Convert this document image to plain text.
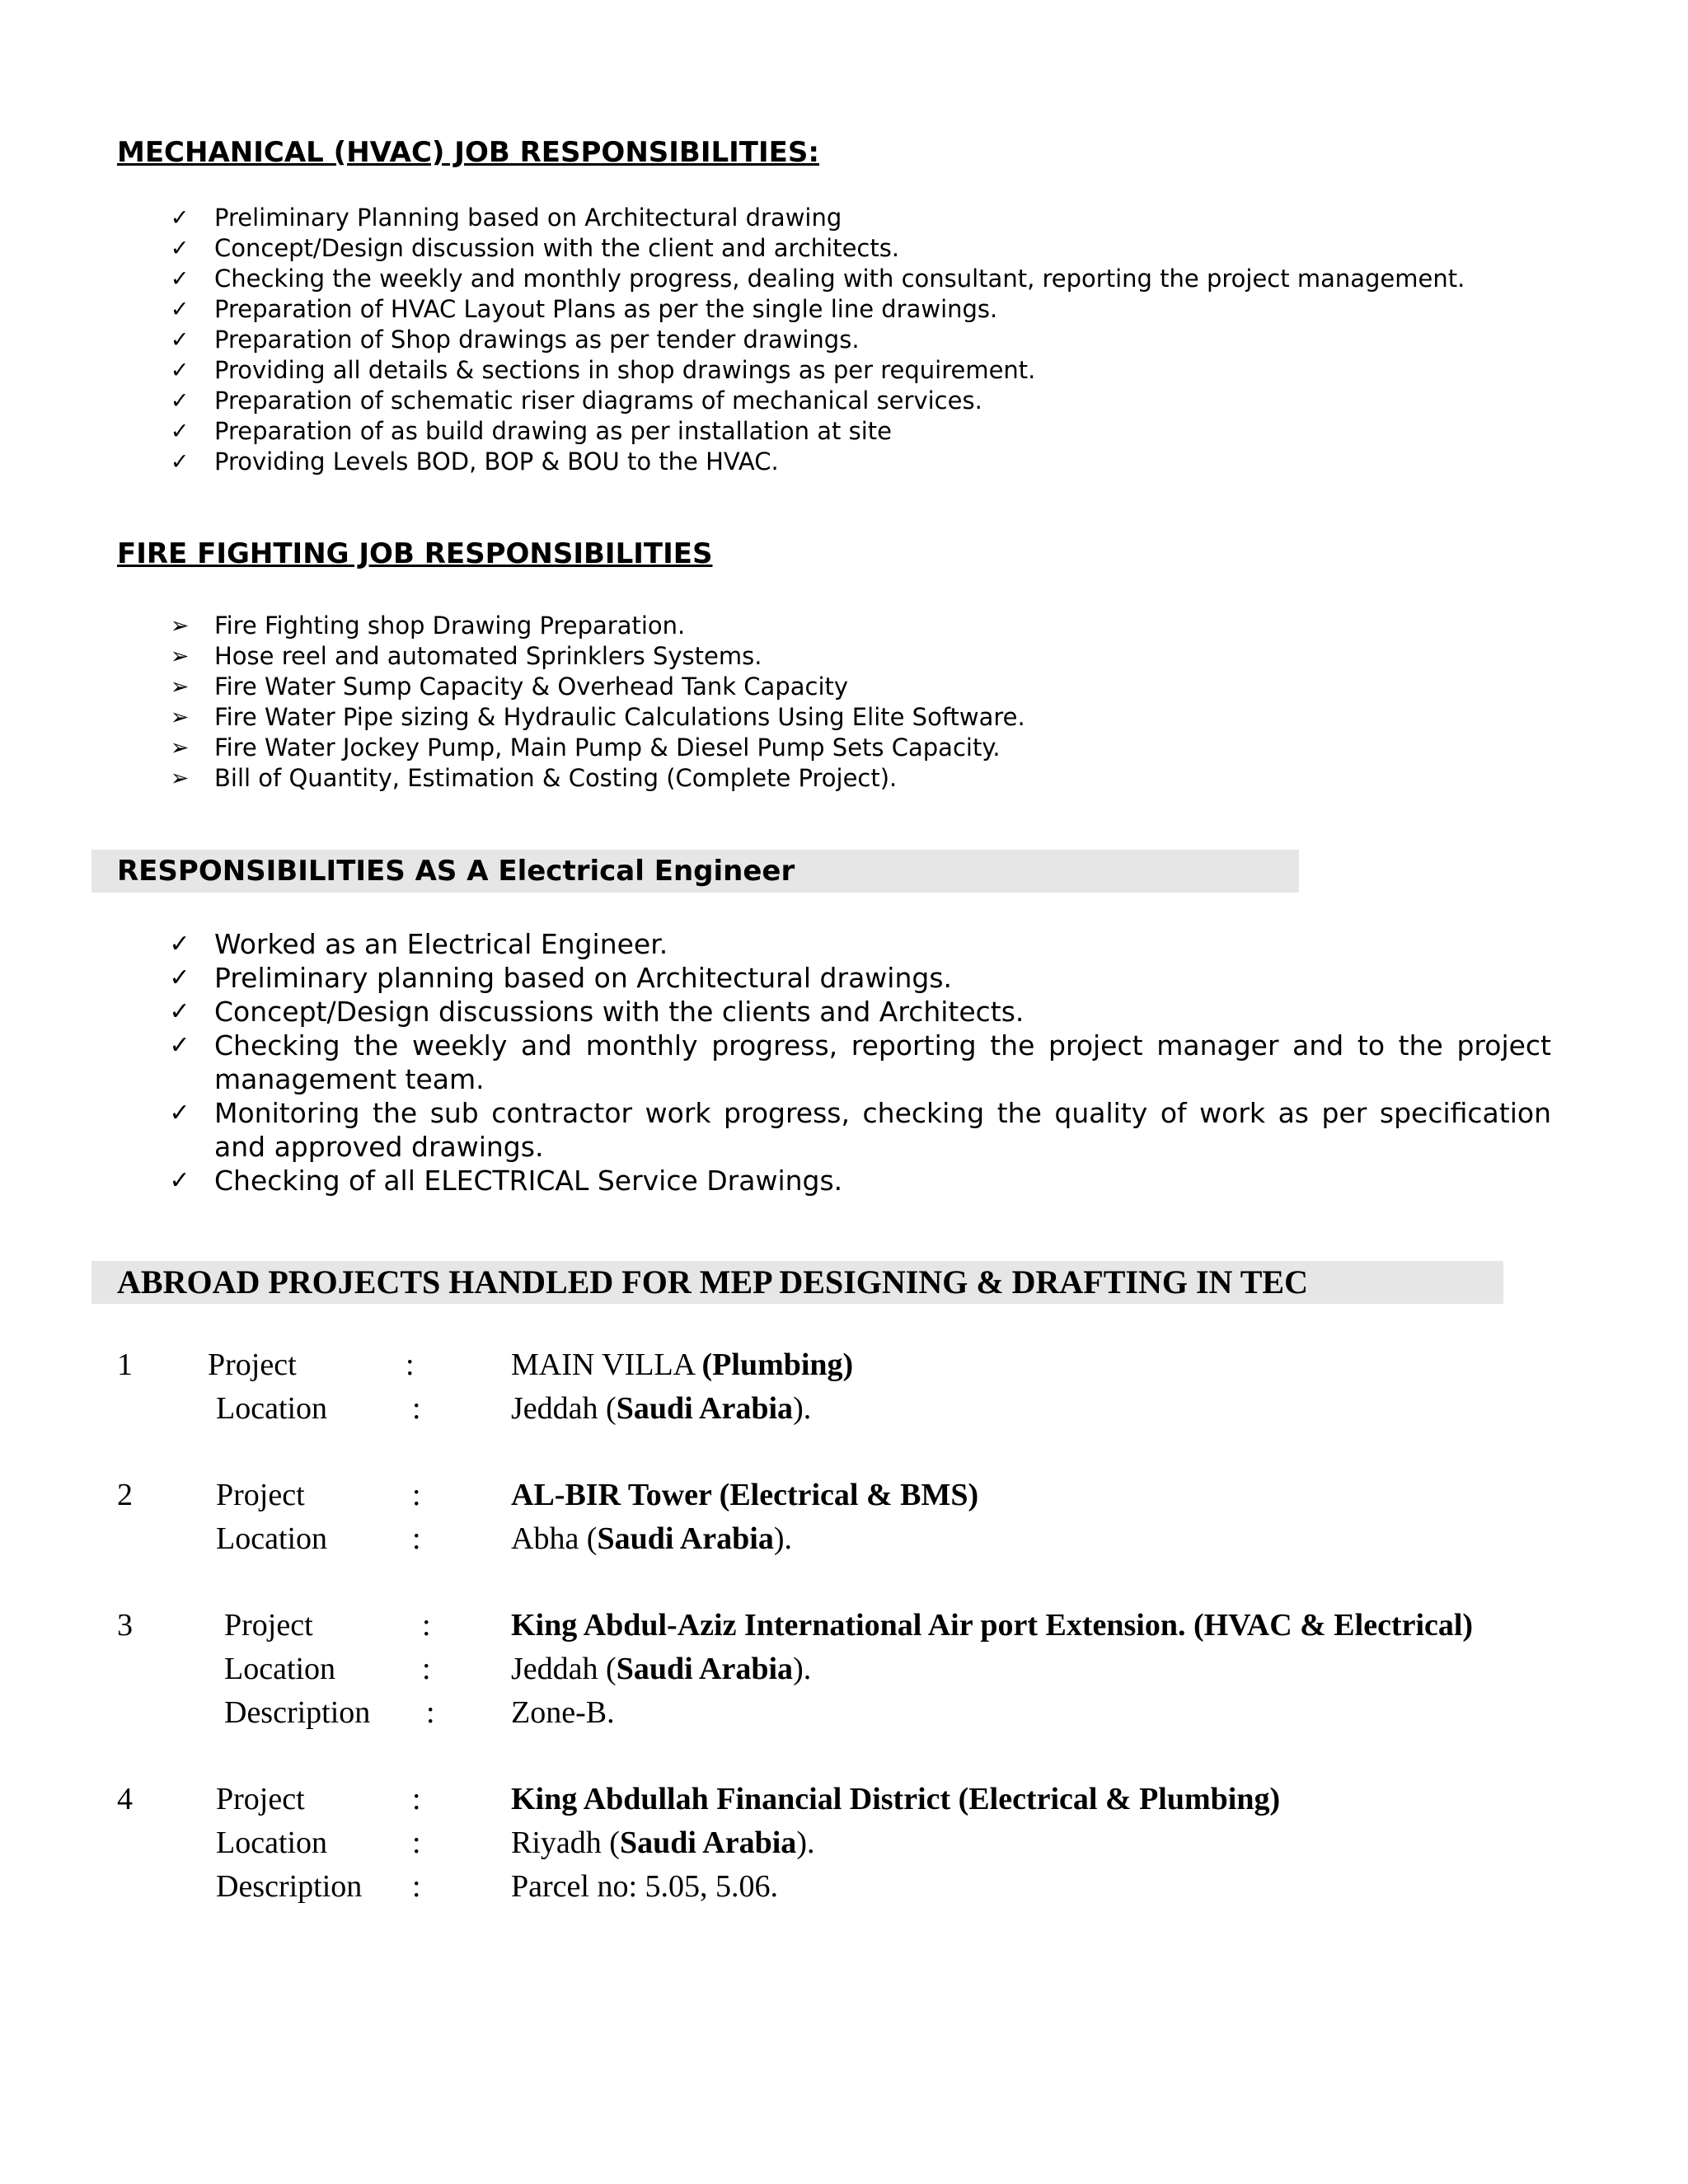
MECHANICAL (HVAC) JOB RESPONSIBILITIES:
✓ Preliminary Planning based on Architectural drawing
✓ Concept/Design discussion with the client and architects.
✓ Checking the weekly and monthly progress, dealing with consultant, reporting the project management.
✓ Preparation of HVAC Layout Plans as per the single line drawings.
✓ Preparation of Shop drawings as per tender drawings.
✓ Providing all details & sections in shop drawings as per requirement.
✓ Preparation of schematic riser diagrams of mechanical services.
✓ Preparation of as build drawing as per installation at site
✓ Providing Levels BOD, BOP & BOU to the HVAC.
FIRE FIGHTING JOB RESPONSIBILITIES
➢ Fire Fighting shop Drawing Preparation.
➢ Hose reel and automated Sprinklers Systems.
➢ Fire Water Sump Capacity & Overhead Tank Capacity
➢ Fire Water Pipe sizing & Hydraulic Calculations Using Elite Software.
➢ Fire Water Jockey Pump, Main Pump & Diesel Pump Sets Capacity.
➢ Bill of Quantity, Estimation & Costing (Complete Project).
RESPONSIBILITIES AS A Electrical Engineer
✓ Worked as an Electrical Engineer.
✓ Preliminary planning based on Architectural drawings.
✓ Concept/Design discussions with the clients and Architects.
✓ Checking the weekly and monthly progress, reporting the project manager and to the project management team.
✓ Monitoring the sub contractor work progress, checking the quality of work as per specification and approved drawings.
✓ Checking of all ELECTRICAL Service Drawings.
ABROAD PROJECTS HANDLED FOR MEP DESIGNING & DRAFTING IN TEC
1 Project	:	MAIN VILLA (Plumbing)
Location	:	Jeddah (Saudi Arabia).
2	Project	:	AL-BIR Tower (Electrical & BMS)
Location	:	Abha (Saudi Arabia).
3	Project	:	King Abdul-Aziz International Air port Extension. (HVAC & Electrical)
Location	:	Jeddah (Saudi Arabia).
Description : Zone-B.
4	Project	:	King Abdullah Financial District (Electrical & Plumbing)
Location	:	Riyadh (Saudi Arabia).
Description :	Parcel no: 5.05, 5.06.
